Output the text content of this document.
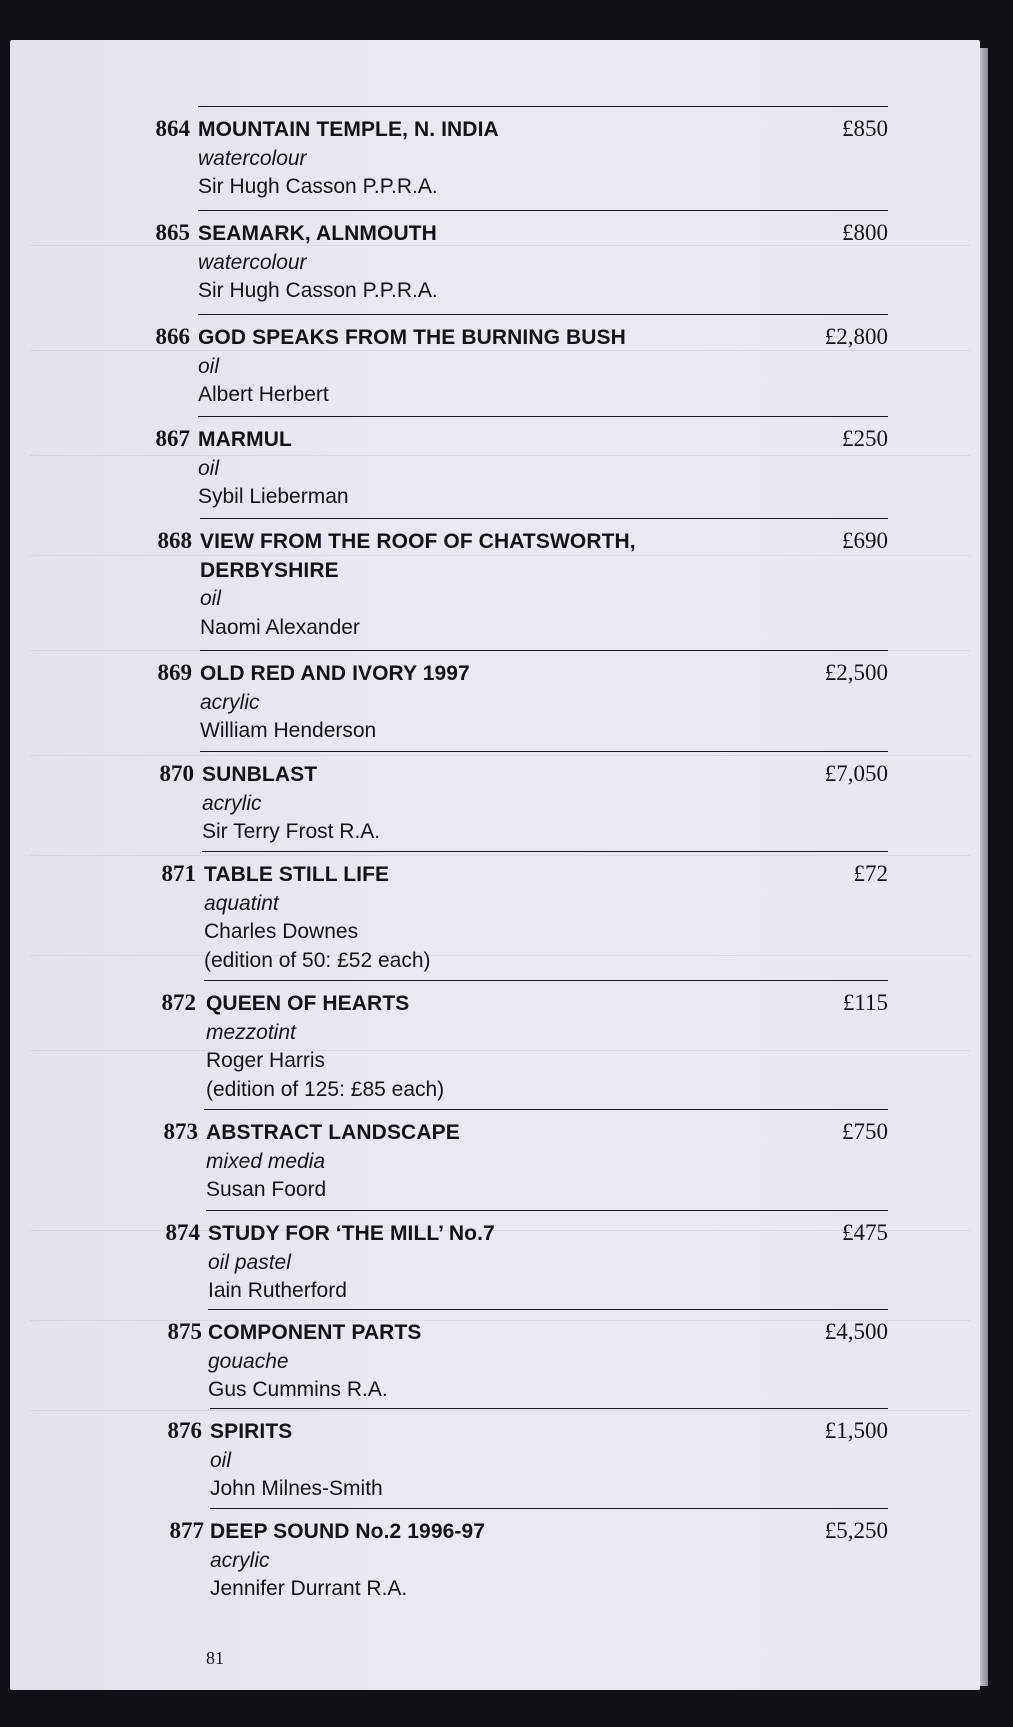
864 MOUNTAIN TEMPLE, N. INDIA
watercolour
Sir Hugh Casson P.P.R.A.
£850
865 SEAMARK, ALNMOUTH
watercolour
Sir Hugh Casson P.P.R.A.
£800
866 GOD SPEAKS FROM THE BURNING BUSH
oil
Albert Herbert
£2,800
867 MARMUL
oil
Sybil Lieberman
£250
868 VIEW FROM THE ROOF OF CHATSWORTH,
DERBYSHIRE
oil
Naomi Alexander
£690
869 OLD RED AND IVORY 1997
acrylic
William Henderson
£2,500
870 SUNBLAST
acrylic
Sir Terry Frost R.A.
£7,050
871 TABLE STILL LIFE
aquatint
Charles Downes
(edition of 50: £52 each)
£72
872 QUEEN OF HEARTS
mezzotint
Roger Harris
(edition of 125: £85 each)
£115
873 ABSTRACT LANDSCAPE
mixed media
Susan Foord
£750
874 STUDY FOR ‘THE MILL’ No.7
oil pastel
Iain Rutherford
£475
875 COMPONENT PARTS
gouache
Gus Cummins R.A.
£4,500
876 SPIRITS
oil
John Milnes-Smith
£1,500
877 DEEP SOUND No.2 1996-97
acrylic
Jennifer Durrant R.A.
£5,250
81
